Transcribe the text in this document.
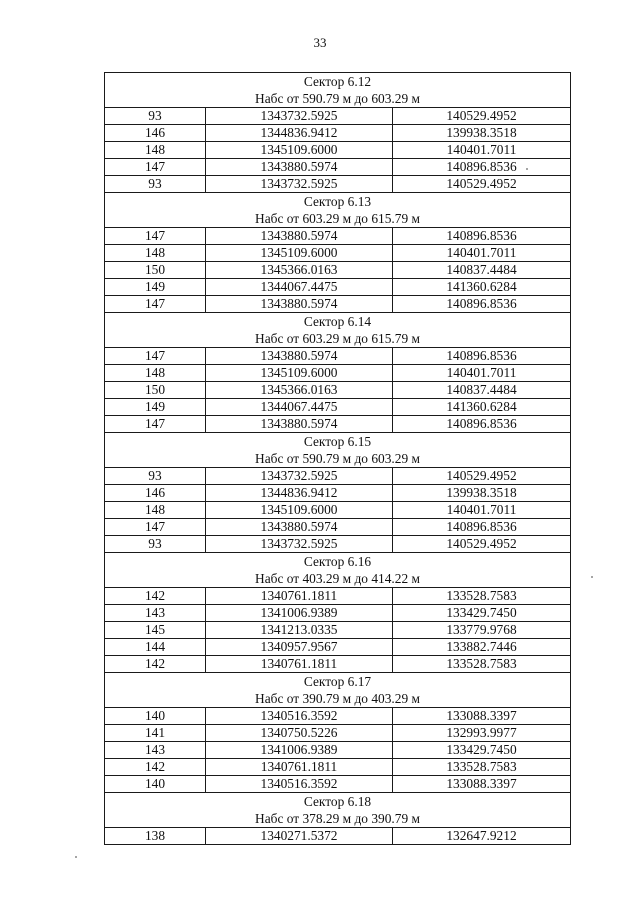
33
Сектор 6.12		
Набс от 590.79 м до 603.29 м		
93	1343732.5925	140529.4952
146	1344836.9412	139938.3518
148	1345109.6000	140401.7011
147	1343880.5974	140896.8536
93	1343732.5925	140529.4952
Сектор 6.13		
Набс от 603.29 м до 615.79 м		
147	1343880.5974	140896.8536
148	1345109.6000	140401.7011
150	1345366.0163	140837.4484
149	1344067.4475	141360.6284
147	1343880.5974	140896.8536
Сектор 6.14		
Набс от 603.29 м до 615.79 м		
147	1343880.5974	140896.8536
148	1345109.6000	140401.7011
150	1345366.0163	140837.4484
149	1344067.4475	141360.6284
147	1343880.5974	140896.8536
Сектор 6.15		
Набс от 590.79 м до 603.29 м		
93	1343732.5925	140529.4952
146	1344836.9412	139938.3518
148	1345109.6000	140401.7011
147	1343880.5974	140896.8536
93	1343732.5925	140529.4952
Сектор 6.16		
Набс от 403.29 м до 414.22 м		
142	1340761.1811	133528.7583
143	1341006.9389	133429.7450
145	1341213.0335	133779.9768
144	1340957.9567	133882.7446
142	1340761.1811	133528.7583
Сектор 6.17		
Набс от 390.79 м до 403.29 м		
140	1340516.3592	133088.3397
141	1340750.5226	132993.9977
143	1341006.9389	133429.7450
142	1340761.1811	133528.7583
140	1340516.3592	133088.3397
Сектор 6.18		
Набс от 378.29 м до 390.79 м		
138	1340271.5372	132647.9212
